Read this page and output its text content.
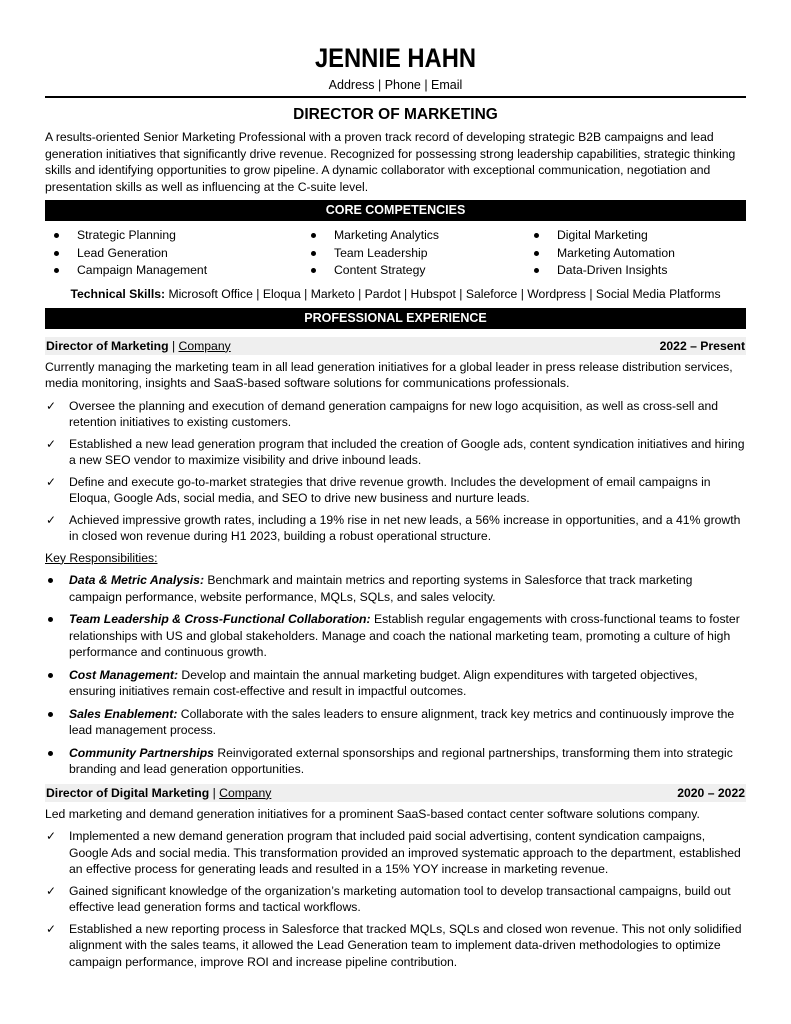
JENNIE HAHN
Address | Phone | Email
DIRECTOR OF MARKETING
A results-oriented Senior Marketing Professional with a proven track record of developing strategic B2B campaigns and lead generation initiatives that significantly drive revenue. Recognized for possessing strong leadership capabilities, strategic thinking skills and identifying opportunities to grow pipeline. A dynamic collaborator with exceptional communication, negotiation and presentation skills as well as influencing at the C-suite level.
CORE COMPETENCIES
Strategic Planning
Lead Generation
Campaign Management
Marketing Analytics
Team Leadership
Content Strategy
Digital Marketing
Marketing Automation
Data-Driven Insights
Technical Skills: Microsoft Office | Eloqua | Marketo | Pardot | Hubspot | Saleforce | Wordpress | Social Media Platforms
PROFESSIONAL EXPERIENCE
Director of Marketing | Company	2022 – Present
Currently managing the marketing team in all lead generation initiatives for a global leader in press release distribution services, media monitoring, insights and SaaS-based software solutions for communications professionals.
✓ Oversee the planning and execution of demand generation campaigns for new logo acquisition, as well as cross-sell and retention initiatives to existing customers.
✓ Established a new lead generation program that included the creation of Google ads, content syndication initiatives and hiring a new SEO vendor to maximize visibility and drive inbound leads.
✓ Define and execute go-to-market strategies that drive revenue growth. Includes the development of email campaigns in Eloqua, Google Ads, social media, and SEO to drive new business and nurture leads.
✓ Achieved impressive growth rates, including a 19% rise in net new leads, a 56% increase in opportunities, and a 41% growth in closed won revenue during H1 2023, building a robust operational structure.
Key Responsibilities:
Data & Metric Analysis: Benchmark and maintain metrics and reporting systems in Salesforce that track marketing campaign performance, website performance, MQLs, SQLs, and sales velocity.
Team Leadership & Cross-Functional Collaboration: Establish regular engagements with cross-functional teams to foster relationships with US and global stakeholders. Manage and coach the national marketing team, promoting a culture of high performance and continuous growth.
Cost Management: Develop and maintain the annual marketing budget. Align expenditures with targeted objectives, ensuring initiatives remain cost-effective and result in impactful outcomes.
Sales Enablement: Collaborate with the sales leaders to ensure alignment, track key metrics and continuously improve the lead management process.
Community Partnerships Reinvigorated external sponsorships and regional partnerships, transforming them into strategic branding and lead generation opportunities.
Director of Digital Marketing | Company	2020 – 2022
Led marketing and demand generation initiatives for a prominent SaaS-based contact center software solutions company.
✓ Implemented a new demand generation program that included paid social advertising, content syndication campaigns, Google Ads and social media. This transformation provided an improved systematic approach to the department, established an effective process for generating leads and resulted in a 15% YOY increase in marketing revenue.
✓ Gained significant knowledge of the organization’s marketing automation tool to develop transactional campaigns, build out effective lead generation forms and tactical workflows.
✓ Established a new reporting process in Salesforce that tracked MQLs, SQLs and closed won revenue. This not only solidified alignment with the sales teams, it allowed the Lead Generation team to implement data-driven methodologies to optimize campaign performance, improve ROI and increase pipeline contribution.
